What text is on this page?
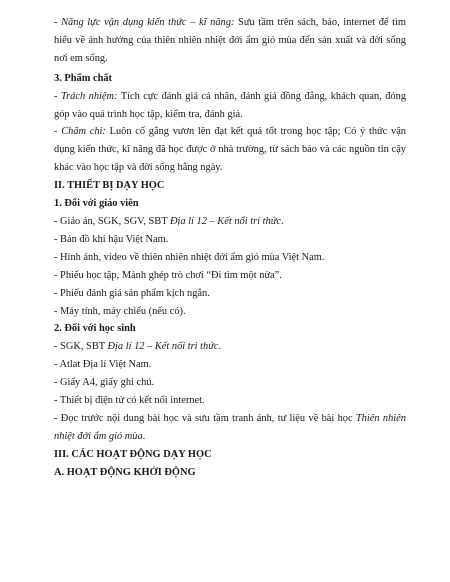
- Năng lực vận dụng kiến thức – kĩ năng: Sưu tầm trên sách, báo, internet để tìm hiểu về ảnh hưởng của thiên nhiên nhiệt đới ẩm gió mùa đến sản xuất và đời sống nơi em sống.

3. Phẩm chất

- Trách nhiệm: Tích cực đánh giá cá nhân, đánh giá đồng đẳng, khách quan, đóng góp vào quá trình học tập, kiểm tra, đánh giá.

- Chăm chỉ: Luôn cố gắng vươn lên đạt kết quả tốt trong học tập; Có ý thức vận dụng kiến thức, kĩ năng đã học được ở nhà trường, từ sách báo và các nguồn tin cậy khác vào học tập và đời sống hằng ngày.

II. THIẾT BỊ DẠY HỌC

1. Đối với giáo viên

- Giáo án, SGK, SGV, SBT Địa lí 12 – Kết nối tri thức.

- Bản đồ khí hậu Việt Nam.

- Hình ảnh, video về thiên nhiên nhiệt đới ẩm gió mùa Việt Nam.

- Phiếu học tập, Mảnh ghép trò chơi “Đi tìm một nửa”.

- Phiếu đánh giá sản phẩm kịch ngắn.

- Máy tính, máy chiếu (nếu có).

2. Đối với học sinh

- SGK, SBT Địa lí 12 – Kết nối tri thức.

- Atlat Địa lí Việt Nam.

- Giấy A4, giấy ghi chú.

- Thiết bị điện tử có kết nối internet.

- Đọc trước nội dung bài học và sưu tầm tranh ảnh, tư liệu về bài học Thiên nhiên nhiệt đới ẩm gió mùa.

III. CÁC HOẠT ĐỘNG DẠY HỌC

A. HOẠT ĐỘNG KHỞI ĐỘNG
